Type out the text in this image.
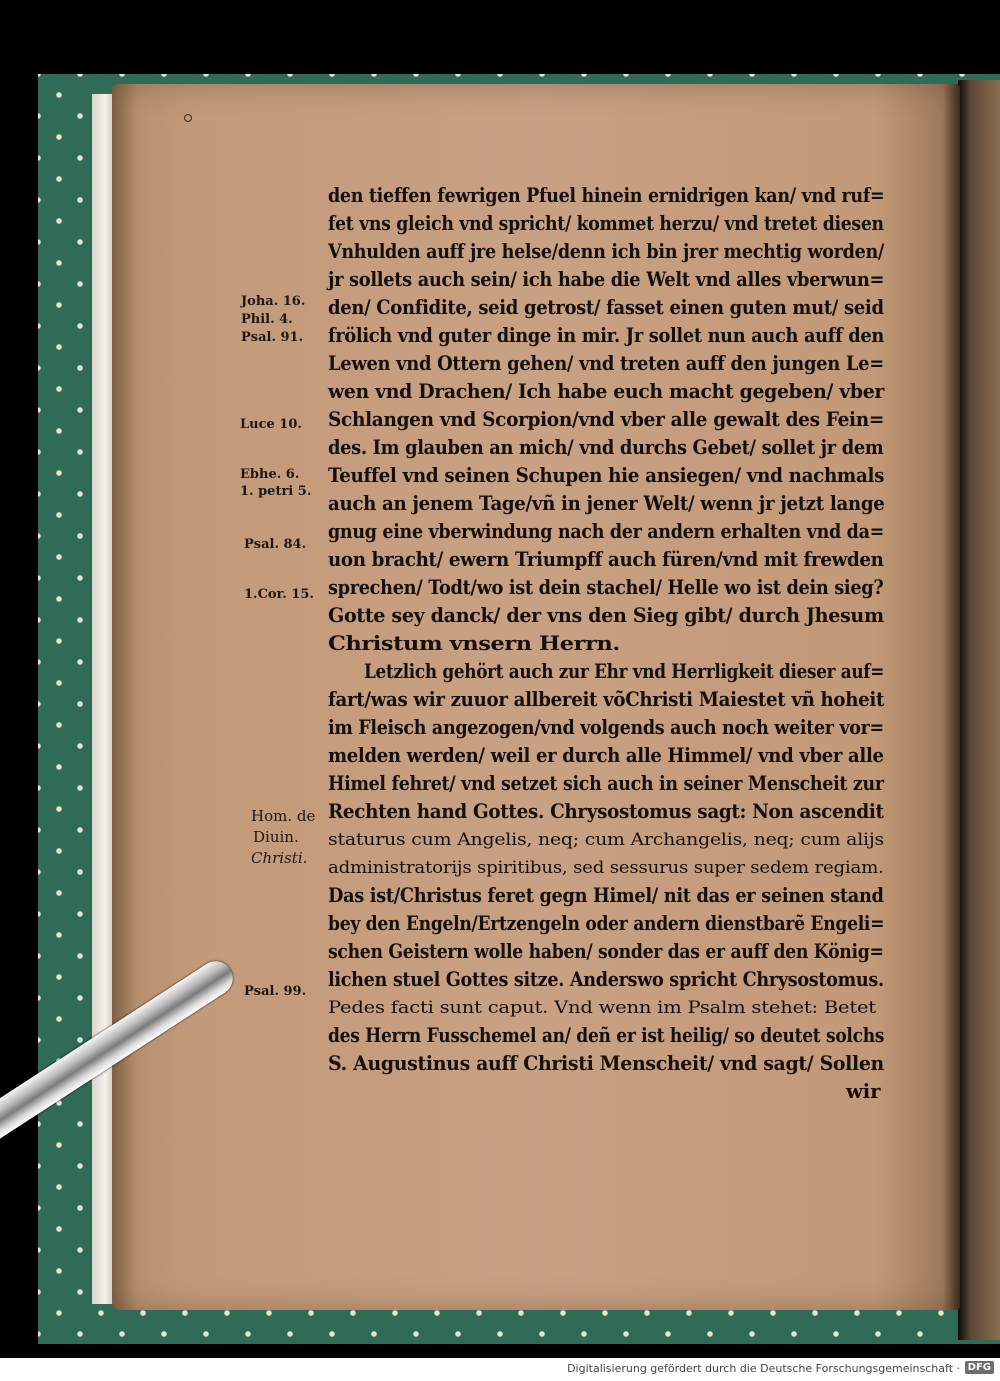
Joha. 16.
Phil. 4.
Psal. 91.
Luce 10.
Ebhe. 6.
1. petri 5.
Psal. 84.
1.Cor. 15.
Hom. de
Diuin.
Christi.
Psal. 99.
den tieffen fewrigen Pfuel hinein ernidrigen kan/ vnd ruf=
fet vns gleich vnd spricht/ kommet herzu/ vnd tretet diesen
Vnhulden auff jre helse/denn ich bin jrer mechtig worden/
jr sollets auch sein/ ich habe die Welt vnd alles vberwun=
den/ Confidite, seid getrost/ fasset einen guten mut/ seid
frölich vnd guter dinge in mir. Jr sollet nun auch auff den
Lewen vnd Ottern gehen/ vnd treten auff den jungen Le=
wen vnd Drachen/ Ich habe euch macht gegeben/ vber
Schlangen vnd Scorpion/vnd vber alle gewalt des Fein=
des. Im glauben an mich/ vnd durchs Gebet/ sollet jr dem
Teuffel vnd seinen Schupen hie ansiegen/ vnd nachmals
auch an jenem Tage/vñ in jener Welt/ wenn jr jetzt lange
gnug eine vberwindung nach der andern erhalten vnd da=
uon bracht/ ewern Triumpff auch füren/vnd mit frewden
sprechen/ Todt/wo ist dein stachel/ Helle wo ist dein sieg?
Gotte sey danck/ der vns den Sieg gibt/ durch Jhesum
Christum vnsern Herrn.
Letzlich gehört auch zur Ehr vnd Herrligkeit dieser auf=
fart/was wir zuuor allbereit võChristi Maiestet vñ hoheit
im Fleisch angezogen/vnd volgends auch noch weiter vor=
melden werden/ weil er durch alle Himmel/ vnd vber alle
Himel fehret/ vnd setzet sich auch in seiner Menscheit zur
Rechten hand Gottes. Chrysostomus sagt: Non ascendit
staturus cum Angelis, neq; cum Archangelis, neq; cum alijs
administratorijs spiritibus, sed sessurus super sedem regiam.
Das ist/Christus feret gegn Himel/ nit das er seinen stand
bey den Engeln/Ertzengeln oder andern dienstbarẽ Engeli=
schen Geistern wolle haben/ sonder das er auff den König=
lichen stuel Gottes sitze. Anderswo spricht Chrysostomus.
Pedes facti sunt caput. Vnd wenn im Psalm stehet: Betet
des Herrn Fusschemel an/ deñ er ist heilig/ so deutet solchs
S. Augustinus auff Christi Menscheit/ vnd sagt/ Sollen
wir
Digitalisierung gefördert durch die Deutsche Forschungsgemeinschaft · DFG
